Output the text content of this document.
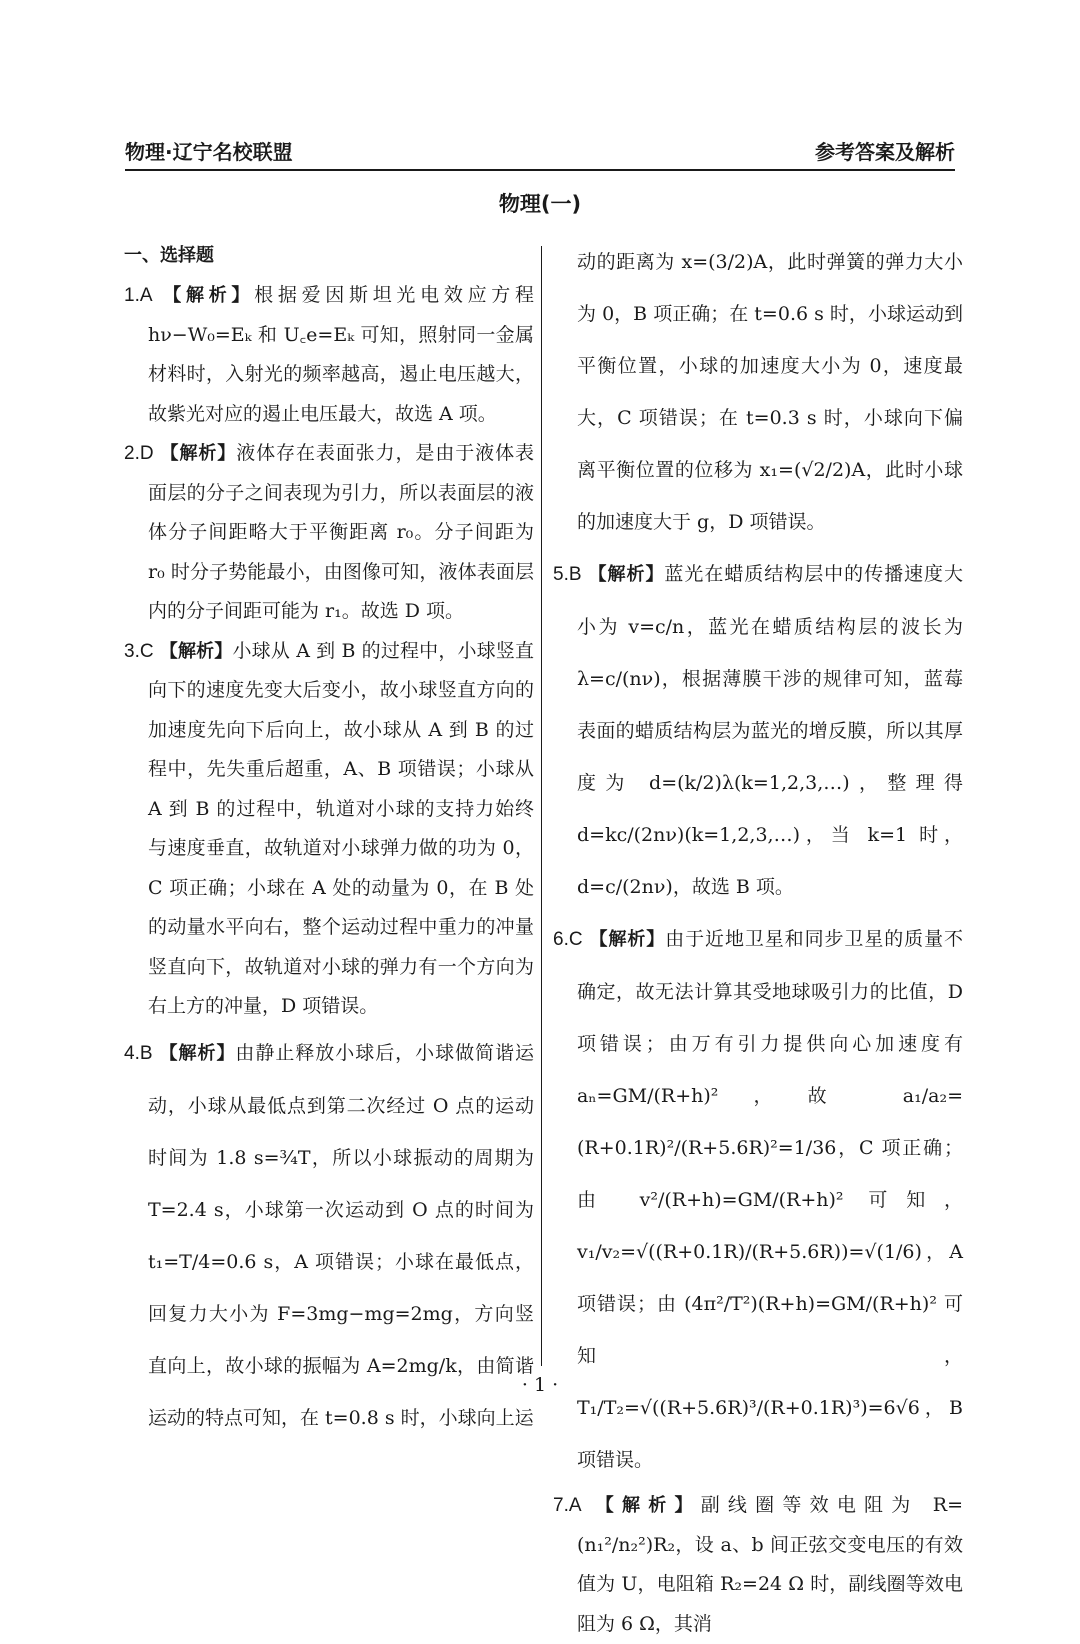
物理·辽宁名校联盟	参考答案及解析
物理(一)
一、选择题

1.A 【解析】根据爱因斯坦光电效应方程 hν−W₀=Eₖ 和 U꜀e=Eₖ 可知，照射同一金属材料时，入射光的频率越高，遏止电压越大，故紫光对应的遏止电压最大，故选 A 项。

2.D 【解析】液体存在表面张力，是由于液体表面层的分子之间表现为引力，所以表面层的液体分子间距略大于平衡距离 r₀。分子间距为 r₀ 时分子势能最小，由图像可知，液体表面层内的分子间距可能为 r₁。故选 D 项。

3.C 【解析】小球从 A 到 B 的过程中，小球竖直向下的速度先变大后变小，故小球竖直方向的加速度先向下后向上，故小球从 A 到 B 的过程中，先失重后超重，A、B 项错误；小球从 A 到 B 的过程中，轨道对小球的支持力始终与速度垂直，故轨道对小球弹力做的功为 0，C 项正确；小球在 A 处的动量为 0，在 B 处的动量水平向右，整个运动过程中重力的冲量竖直向下，故轨道对小球的弹力有一个方向为右上方的冲量，D 项错误。

4.B 【解析】由静止释放小球后，小球做简谐运动，小球从最低点到第二次经过 O 点的运动时间为 1.8 s=¾T，所以小球振动的周期为 T=2.4 s，小球第一次运动到 O 点的时间为 t₁=T/4=0.6 s，A 项错误；小球在最低点，回复力大小为 F=3mg−mg=2mg，方向竖直向上，故小球的振幅为 A=2mg/k，由简谐运动的特点可知，在 t=0.8 s 时，小球向上运

动的距离为 x=(3/2)A，此时弹簧的弹力大小为 0，B 项正确；在 t=0.6 s 时，小球运动到平衡位置，小球的加速度大小为 0，速度最大，C 项错误；在 t=0.3 s 时，小球向下偏离平衡位置的位移为 x₁=(√2/2)A，此时小球的加速度大于 g，D 项错误。

5.B 【解析】蓝光在蜡质结构层中的传播速度大小为 v=c/n，蓝光在蜡质结构层的波长为 λ=c/(nν)，根据薄膜干涉的规律可知，蓝莓表面的蜡质结构层为蓝光的增反膜，所以其厚度为 d=(k/2)λ(k=1,2,3,…)，整理得 d=kc/(2nν)(k=1,2,3,…)，当 k=1 时，d=c/(2nν)，故选 B 项。

6.C 【解析】由于近地卫星和同步卫星的质量不确定，故无法计算其受地球吸引力的比值，D 项错误；由万有引力提供向心加速度有 aₙ=GM/(R+h)²，故 a₁/a₂=(R+0.1R)²/(R+5.6R)²=1/36，C 项正确；由 v²/(R+h)=GM/(R+h)² 可知，v₁/v₂=√((R+0.1R)/(R+5.6R))=√(1/6)，A 项错误；由 (4π²/T²)(R+h)=GM/(R+h)² 可知，T₁/T₂=√((R+5.6R)³/(R+0.1R)³)=6√6，B 项错误。

7.A 【解析】副线圈等效电阻为 R=(n₁²/n₂²)R₂，设 a、b 间正弦交变电压的有效值为 U，电阻箱 R₂=24 Ω 时，副线圈等效电阻为 6 Ω，其消

· 1 ·
